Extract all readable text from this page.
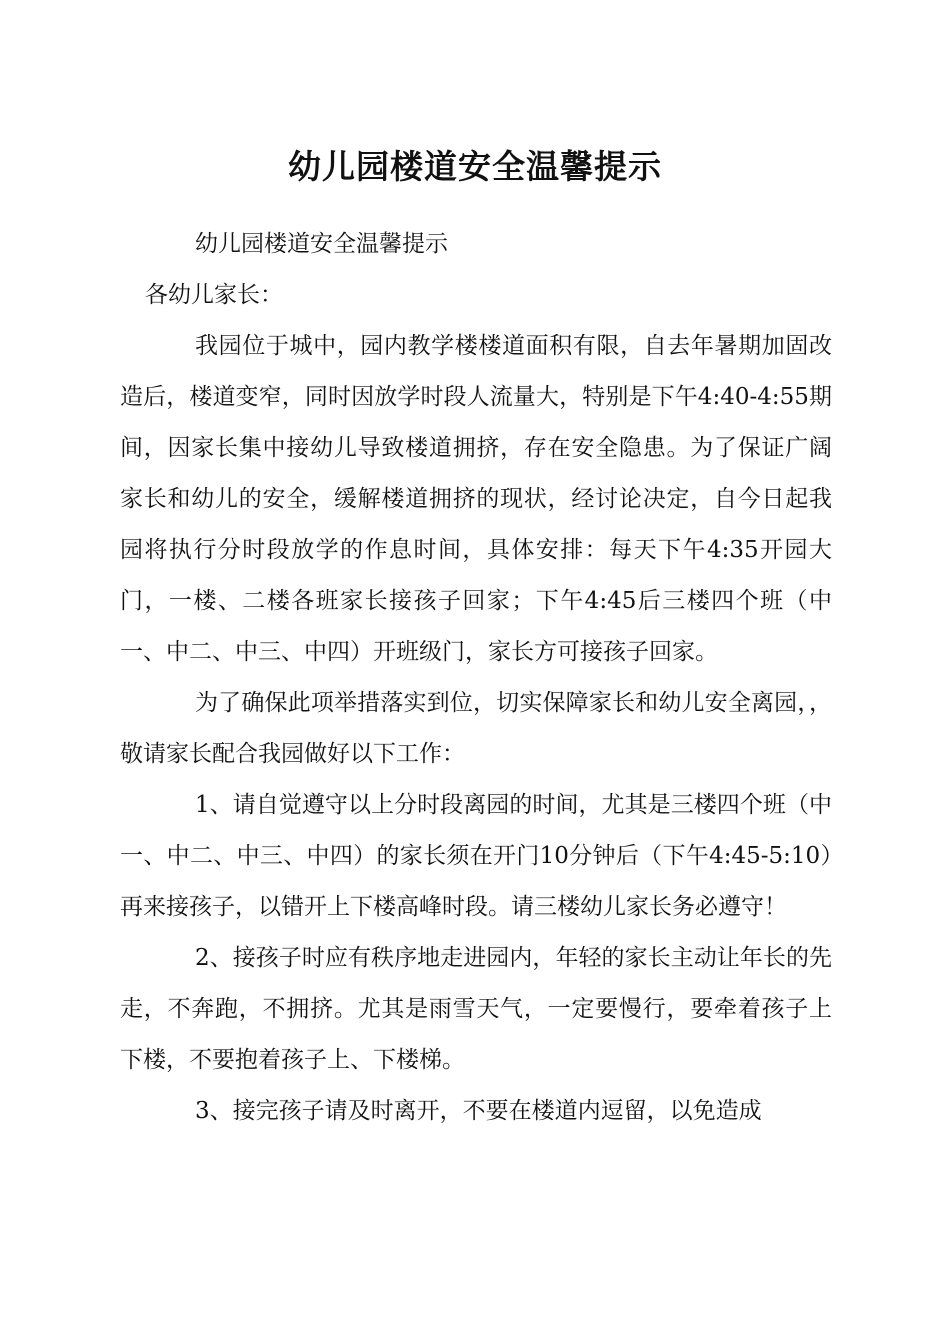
幼儿园楼道安全温馨提示
幼儿园楼道安全温馨提示
各幼儿家长：

我园位于城中，园内教学楼楼道面积有限，自去年暑期加固改造后，楼道变窄，同时因放学时段人流量大，特别是下午4:40-4:55期间，因家长集中接幼儿导致楼道拥挤，存在安全隐患。为了保证广阔家长和幼儿的安全，缓解楼道拥挤的现状，经讨论决定，自今日起我园将执行分时段放学的作息时间，具体安排：每天下午4:35开园大门，一楼、二楼各班家长接孩子回家；下午4:45后三楼四个班（中一、中二、中三、中四）开班级门，家长方可接孩子回家。

为了确保此项举措落实到位，切实保障家长和幼儿安全离园，，敬请家长配合我园做好以下工作：

1、请自觉遵守以上分时段离园的时间，尤其是三楼四个班（中一、中二、中三、中四）的家长须在开门10分钟后（下午4:45-5:10）再来接孩子，以错开上下楼高峰时段。请三楼幼儿家长务必遵守！

2、接孩子时应有秩序地走进园内，年轻的家长主动让年长的先走，不奔跑，不拥挤。尤其是雨雪天气，一定要慢行，要牵着孩子上下楼，不要抱着孩子上、下楼梯。

3、接完孩子请及时离开，不要在楼道内逗留，以免造成
